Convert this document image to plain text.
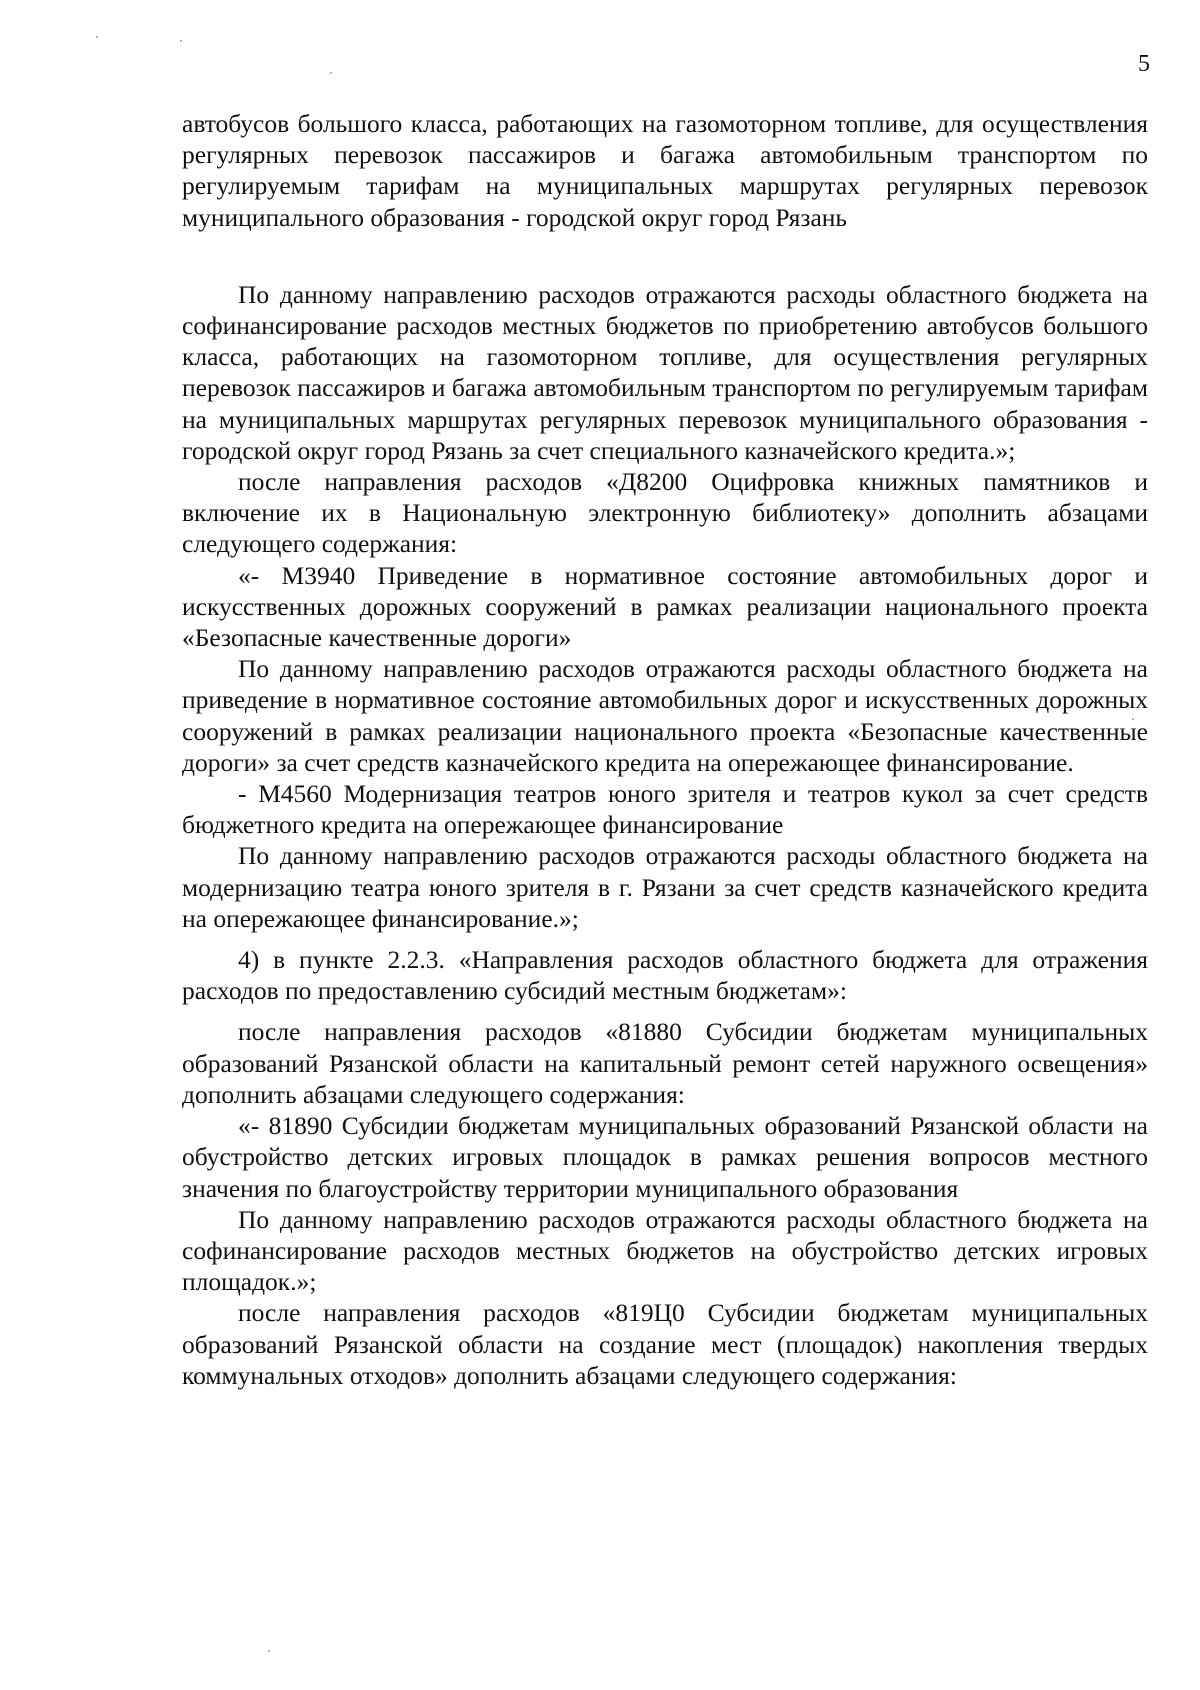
5

автобусов большого класса, работающих на газомоторном топливе, для осуществления регулярных перевозок пассажиров и багажа автомобильным транспортом по регулируемым тарифам на муниципальных маршрутах регулярных перевозок муниципального образования - городской округ город Рязань

По данному направлению расходов отражаются расходы областного бюджета на софинансирование расходов местных бюджетов по приобретению автобусов большого класса, работающих на газомоторном топливе, для осуществления регулярных перевозок пассажиров и багажа автомобильным транспортом по регулируемым тарифам на муниципальных маршрутах регулярных перевозок муниципального образования - городской округ город Рязань за счет специального казначейского кредита.»;

после направления расходов «Д8200 Оцифровка книжных памятников и включение их в Национальную электронную библиотеку» дополнить абзацами следующего содержания:

«- М3940 Приведение в нормативное состояние автомобильных дорог и искусственных дорожных сооружений в рамках реализации национального проекта «Безопасные качественные дороги»

По данному направлению расходов отражаются расходы областного бюджета на приведение в нормативное состояние автомобильных дорог и искусственных дорожных сооружений в рамках реализации национального проекта «Безопасные качественные дороги» за счет средств казначейского кредита на опережающее финансирование.

- М4560 Модернизация театров юного зрителя и театров кукол за счет средств бюджетного кредита на опережающее финансирование

По данному направлению расходов отражаются расходы областного бюджета на модернизацию театра юного зрителя в г. Рязани за счет средств казначейского кредита на опережающее финансирование.»;

4) в пункте 2.2.3. «Направления расходов областного бюджета для отражения расходов по предоставлению субсидий местным бюджетам»:

после направления расходов «81880 Субсидии бюджетам муниципальных образований Рязанской области на капитальный ремонт сетей наружного освещения» дополнить абзацами следующего содержания:

«- 81890 Субсидии бюджетам муниципальных образований Рязанской области на обустройство детских игровых площадок в рамках решения вопросов местного значения по благоустройству территории муниципального образования

По данному направлению расходов отражаются расходы областного бюджета на софинансирование расходов местных бюджетов на обустройство детских игровых площадок.»;

после направления расходов «819Ц0 Субсидии бюджетам муниципальных образований Рязанской области на создание мест (площадок) накопления твердых коммунальных отходов» дополнить абзацами следующего содержания:
